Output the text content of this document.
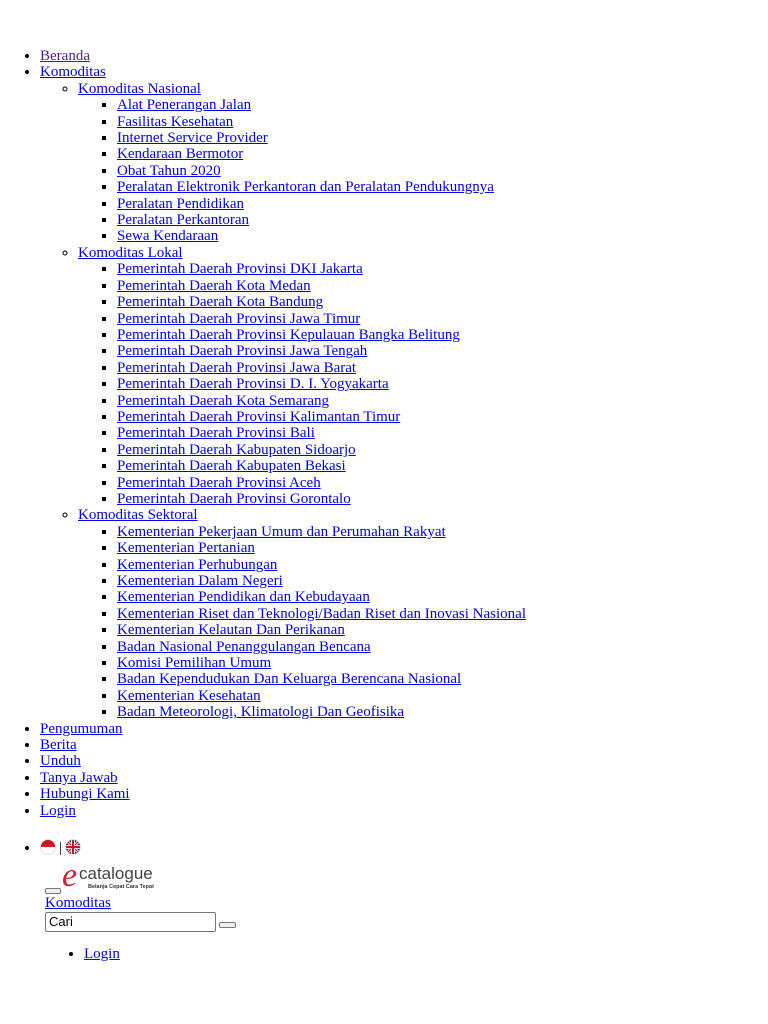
• Beranda
• Komoditas
◦ Komoditas Nasional
▪ Alat Penerangan Jalan
▪ Fasilitas Kesehatan
▪ Internet Service Provider
▪ Kendaraan Bermotor
▪ Obat Tahun 2020
▪ Peralatan Elektronik Perkantoran dan Peralatan Pendukungnya
▪ Peralatan Pendidikan
▪ Peralatan Perkantoran
▪ Sewa Kendaraan
◦ Komoditas Lokal
▪ Pemerintah Daerah Provinsi DKI Jakarta
▪ Pemerintah Daerah Kota Medan
▪ Pemerintah Daerah Kota Bandung
▪ Pemerintah Daerah Provinsi Jawa Timur
▪ Pemerintah Daerah Provinsi Kepulauan Bangka Belitung
▪ Pemerintah Daerah Provinsi Jawa Tengah
▪ Pemerintah Daerah Provinsi Jawa Barat
▪ Pemerintah Daerah Provinsi D. I. Yogyakarta
▪ Pemerintah Daerah Kota Semarang
▪ Pemerintah Daerah Provinsi Kalimantan Timur
▪ Pemerintah Daerah Provinsi Bali
▪ Pemerintah Daerah Kabupaten Sidoarjo
▪ Pemerintah Daerah Kabupaten Bekasi
▪ Pemerintah Daerah Provinsi Aceh
▪ Pemerintah Daerah Provinsi Gorontalo
◦ Komoditas Sektoral
▪ Kementerian Pekerjaan Umum dan Perumahan Rakyat
▪ Kementerian Pertanian
▪ Kementerian Perhubungan
▪ Kementerian Dalam Negeri
▪ Kementerian Pendidikan dan Kebudayaan
▪ Kementerian Riset dan Teknologi/Badan Riset dan Inovasi Nasional
▪ Kementerian Kelautan Dan Perikanan
▪ Badan Nasional Penanggulangan Bencana
▪ Komisi Pemilihan Umum
▪ Badan Kependudukan Dan Keluarga Berencana Nasional
▪ Kementerian Kesehatan
▪ Badan Meteorologi, Klimatologi Dan Geofisika
• Pengumuman
• Berita
• Unduh
• Tanya Jawab
• Hubungi Kami
• Login
• |
e catalogue
Belanja Cepat Cara Tepat
Komoditas
Cari
• Login
